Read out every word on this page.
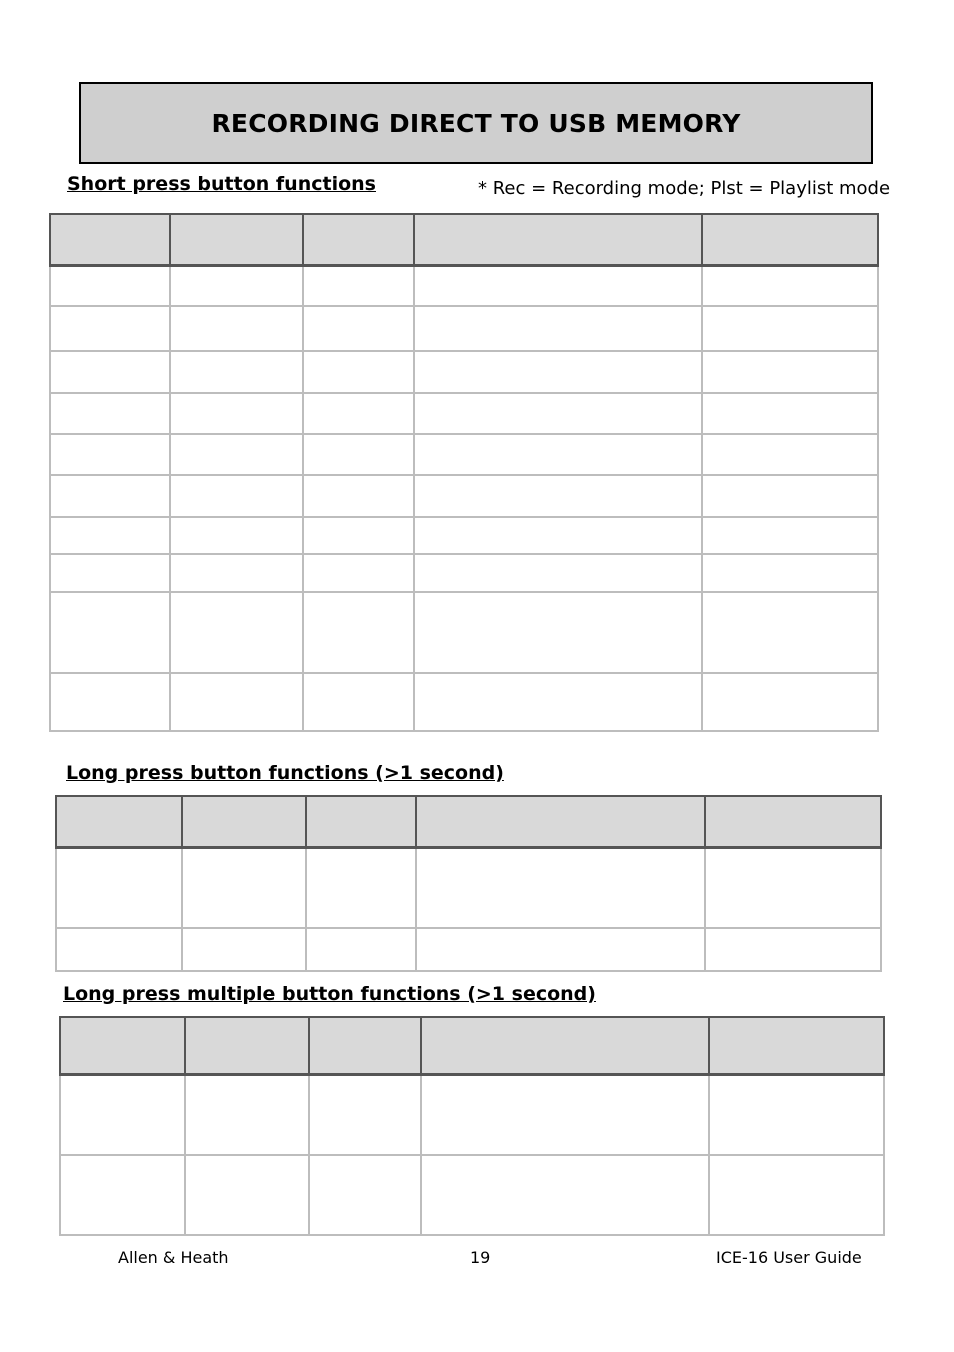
RECORDING DIRECT TO USB MEMORY
Short press button functions	* Rec = Recording mode; Plst = Playlist mode

Long press button functions (>1 second)

Long press multiple button functions (>1 second)

Allen & Heath	19	ICE-16 User Guide
